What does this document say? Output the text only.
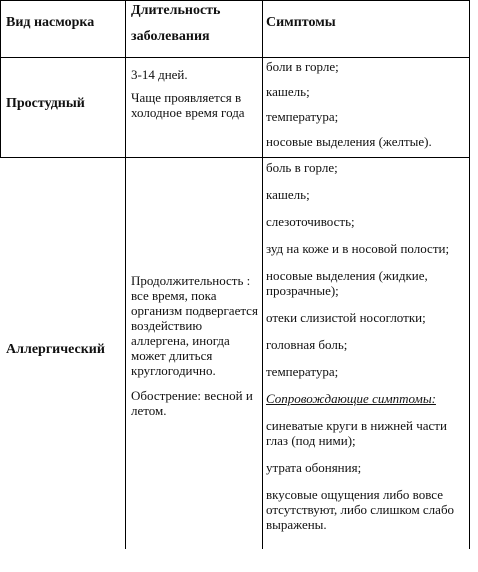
Вид насморка
Длительность заболевания
Симптомы
Простудный
3-14 дней.
Чаще проявляется в холодное время года

боли в горле;

кашель;

температура;

носовые выделения (желтые).

Аллергический
Продолжительность : все время, пока организм подвергается воздействию аллергена, иногда может длиться круглогодично.
Обострение: весной и летом.

боль в горле;

кашель;

слезоточивость;

зуд на коже и в носовой полости;

носовые выделения (жидкие, прозрачные);

отеки слизистой носоглотки;

головная боль;

температура;

Сопровождающие симптомы:

синеватые круги в нижней части глаз (под ними);

утрата обоняния;

вкусовые ощущения либо вовсе отсутствуют, либо слишком слабо выражены.
